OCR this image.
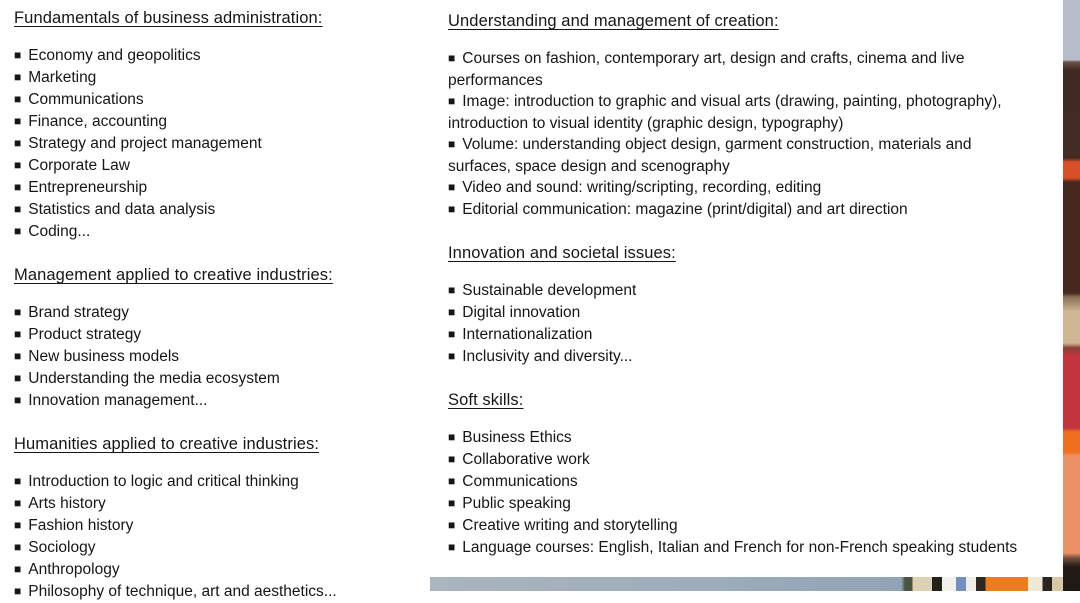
Fundamentals of business administration:
■ Economy and geopolitics
■ Marketing
■ Communications
■ Finance, accounting
■ Strategy and project management
■ Corporate Law
■ Entrepreneurship
■ Statistics and data analysis
■ Coding...
Management applied to creative industries:
■ Brand strategy
■ Product strategy
■ New business models
■ Understanding the media ecosystem
■ Innovation management...
Humanities applied to creative industries:
■ Introduction to logic and critical thinking
■ Arts history
■ Fashion history
■ Sociology
■ Anthropology
■ Philosophy of technique, art and aesthetics...
Understanding and management of creation:
■ Courses on fashion, contemporary art, design and crafts, cinema and live performances
■ Image: introduction to graphic and visual arts (drawing, painting, photography), introduction to visual identity (graphic design, typography)
■ Volume: understanding object design, garment construction, materials and surfaces, space design and scenography
■ Video and sound: writing/scripting, recording, editing
■ Editorial communication: magazine (print/digital) and art direction
Innovation and societal issues:
■ Sustainable development
■ Digital innovation
■ Internationalization
■ Inclusivity and diversity...
Soft skills:
■ Business Ethics
■ Collaborative work
■ Communications
■ Public speaking
■ Creative writing and storytelling
■ Language courses: English, Italian and French for non-French speaking students
